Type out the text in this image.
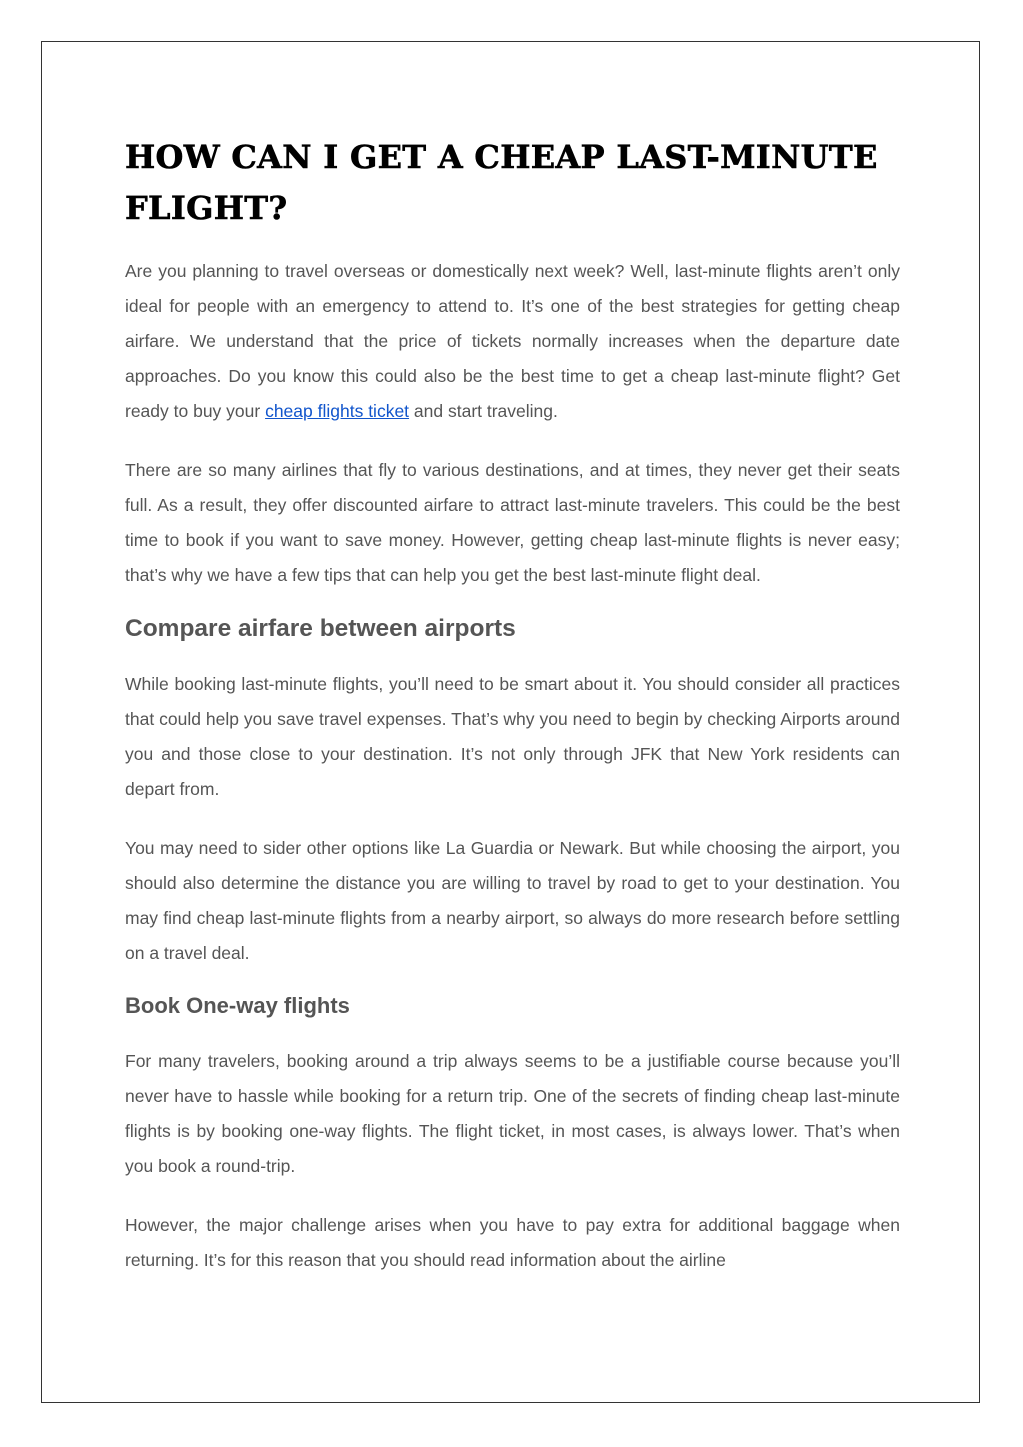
HOW CAN I GET A CHEAP LAST-MINUTE FLIGHT?

Are you planning to travel overseas or domestically next week? Well, last-minute flights aren’t only ideal for people with an emergency to attend to. It’s one of the best strategies for getting cheap airfare. We understand that the price of tickets normally increases when the departure date approaches. Do you know this could also be the best time to get a cheap last-minute flight? Get ready to buy your cheap flights ticket and start traveling.

There are so many airlines that fly to various destinations, and at times, they never get their seats full. As a result, they offer discounted airfare to attract last-minute travelers. This could be the best time to book if you want to save money. However, getting cheap last-minute flights is never easy; that’s why we have a few tips that can help you get the best last-minute flight deal.

Compare airfare between airports

While booking last-minute flights, you’ll need to be smart about it. You should consider all practices that could help you save travel expenses. That’s why you need to begin by checking Airports around you and those close to your destination. It’s not only through JFK that New York residents can depart from.

You may need to sider other options like La Guardia or Newark. But while choosing the airport, you should also determine the distance you are willing to travel by road to get to your destination. You may find cheap last-minute flights from a nearby airport, so always do more research before settling on a travel deal.

Book One-way flights

For many travelers, booking around a trip always seems to be a justifiable course because you’ll never have to hassle while booking for a return trip. One of the secrets of finding cheap last-minute flights is by booking one-way flights. The flight ticket, in most cases, is always lower. That’s when you book a round-trip.

However, the major challenge arises when you have to pay extra for additional baggage when returning. It’s for this reason that you should read information about the airline
